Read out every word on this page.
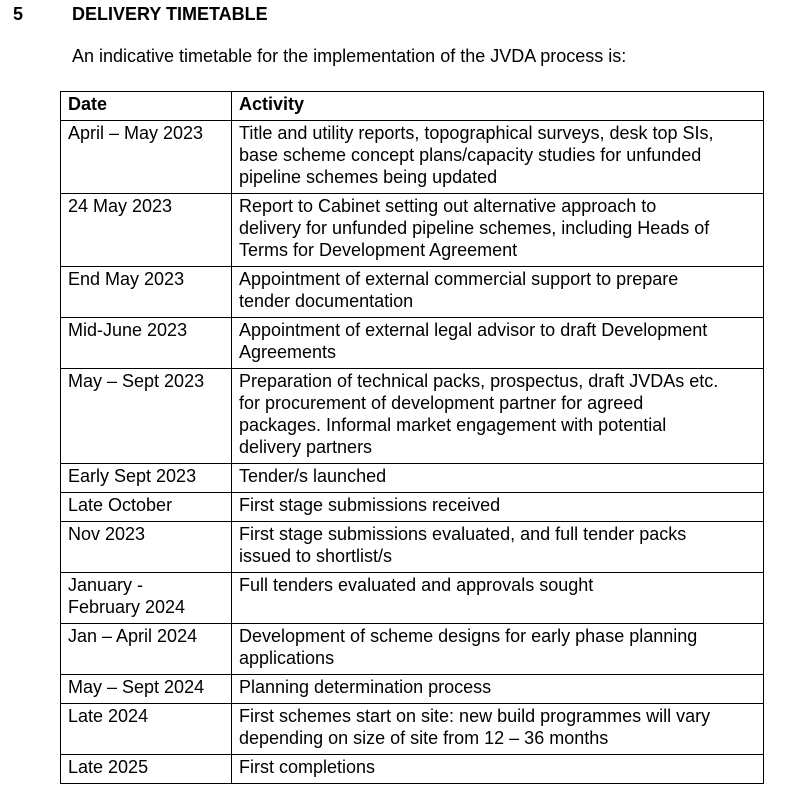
5	DELIVERY TIMETABLE
An indicative timetable for the implementation of the JVDA process is:
Date	Activity
April – May 2023	Title and utility reports, topographical surveys, desk top SIs,
base scheme concept plans/capacity studies for unfunded
pipeline schemes being updated
24 May 2023	Report to Cabinet setting out alternative approach to
delivery for unfunded pipeline schemes, including Heads of
Terms for Development Agreement
End May 2023	Appointment of external commercial support to prepare
tender documentation
Mid-June 2023	Appointment of external legal advisor to draft Development
Agreements
May – Sept 2023	Preparation of technical packs, prospectus, draft JVDAs etc.
for procurement of development partner for agreed
packages. Informal market engagement with potential
delivery partners
Early Sept 2023	Tender/s launched
Late October	First stage submissions received
Nov 2023	First stage submissions evaluated, and full tender packs
issued to shortlist/s
January -
February 2024	Full tenders evaluated and approvals sought
Jan – April 2024	Development of scheme designs for early phase planning
applications
May – Sept 2024	Planning determination process
Late 2024	First schemes start on site: new build programmes will vary
depending on size of site from 12 – 36 months
Late 2025	First completions
